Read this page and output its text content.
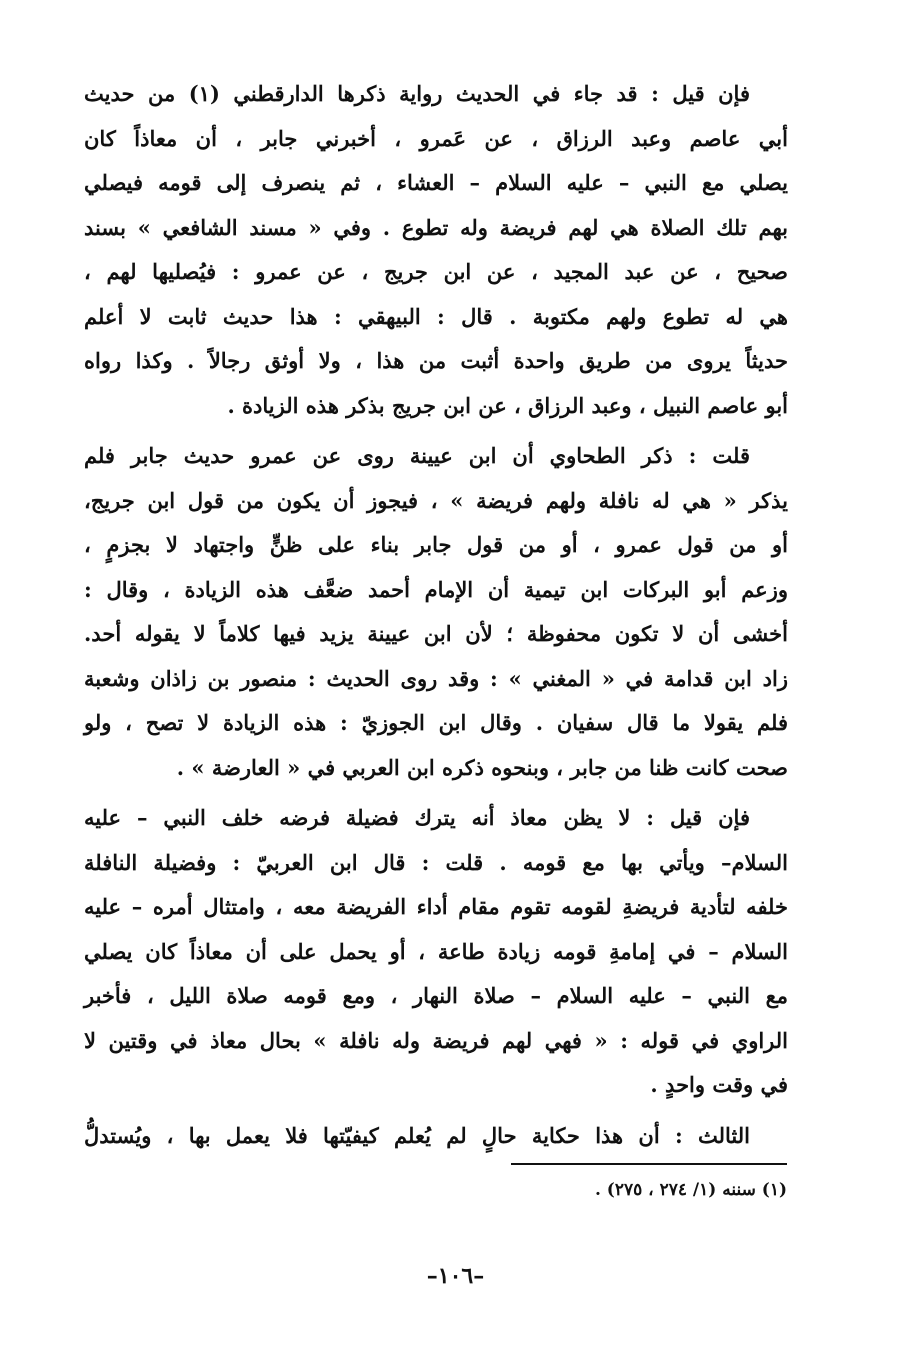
فإن قيل : قد جاء في الحديث رواية ذكرها الدارقطني (١) من حديث
أبي عاصم وعبد الرزاق ، عن عَمرو ، أخبرني جابر ، أن معاذاً كان
يصلي مع النبي – عليه السلام – العشاء ، ثم ينصرف إلى قومه فيصلي
بهم تلك الصلاة هي لهم فريضة وله تطوع . وفي « مسند الشافعي » بسند
صحيح ، عن عبد المجيد ، عن ابن جريج ، عن عمرو : فيُصليها لهم ،
هي له تطوع ولهم مكتوبة . قال : البيهقي : هذا حديث ثابت لا أعلم
حديثاً يروى من طريق واحدة أثبت من هذا ، ولا أوثق رجالاً . وكذا رواه
أبو عاصم النبيل ، وعبد الرزاق ، عن ابن جريج بذكر هذه الزيادة .
قلت : ذكر الطحاوي أن ابن عيينة روى عن عمرو حديث جابر فلم
يذكر « هي له نافلة ولهم فريضة » ، فيجوز أن يكون من قول ابن جريج،
أو من قول عمرو ، أو من قول جابر بناء على ظنٍّ واجتهاد لا بجزمٍ ،
وزعم أبو البركات ابن تيمية أن الإمام أحمد ضعَّف هذه الزيادة ، وقال :
أخشى أن لا تكون محفوظة ؛ لأن ابن عيينة يزيد فيها كلاماً لا يقوله أحد.
زاد ابن قدامة في « المغني » : وقد روى الحديث : منصور بن زاذان وشعبة
فلم يقولا ما قال سفيان . وقال ابن الجوزيّ : هذه الزيادة لا تصح ، ولو
صحت كانت ظنا من جابر ، وبنحوه ذكره ابن العربي في « العارضة » .
فإن قيل : لا يظن معاذ أنه يترك فضيلة فرضه خلف النبي – عليه
السلام– ويأتي بها مع قومه . قلت : قال ابن العربيّ : وفضيلة النافلة
خلفه لتأدية فريضةِ لقومه تقوم مقام أداء الفريضة معه ، وامتثال أمره – عليه
السلام – في إمامةِ قومه زيادة طاعة ، أو يحمل على أن معاذاً كان يصلي
مع النبي – عليه السلام – صلاة النهار ، ومع قومه صلاة الليل ، فأخبر
الراوي في قوله : « فهي لهم فريضة وله نافلة » بحال معاذ في وقتين لا
في وقت واحدٍ .
الثالث : أن هذا حكاية حالٍ لم يُعلم كيفيّتها فلا يعمل بها ، ويُستدلُّ
(١) سننه (١/ ٢٧٤ ، ٢٧٥) .
–١٠٦–
